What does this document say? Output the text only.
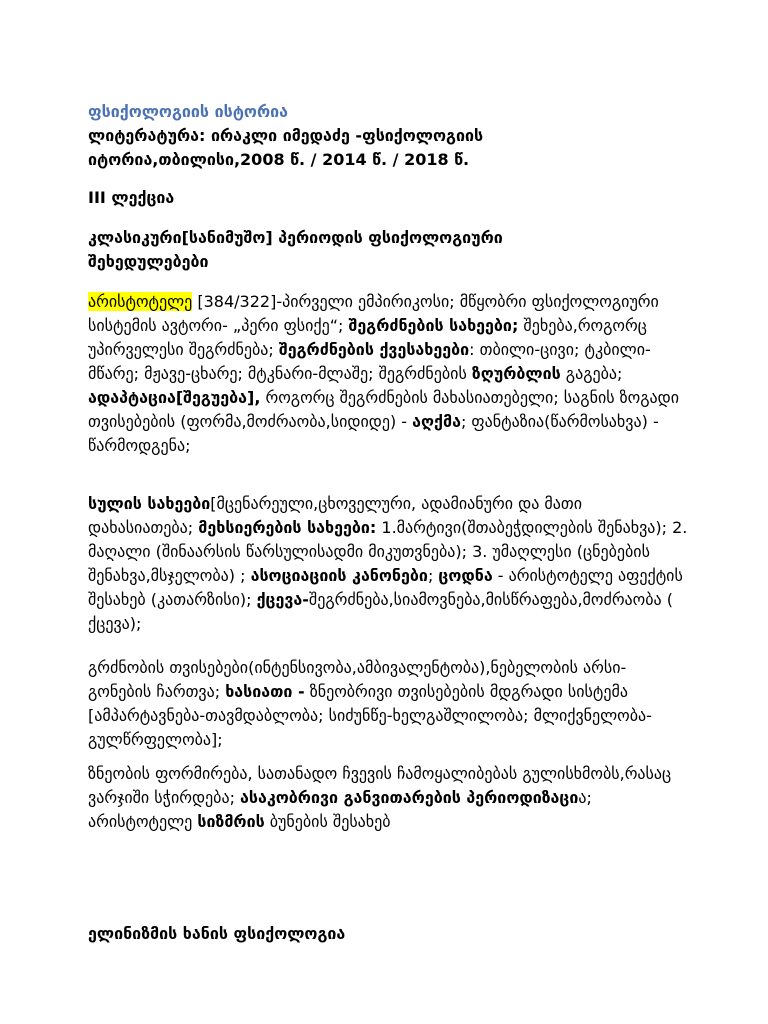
ფსიქოლოგიის ისტორია
ლიტერატურა: ირაკლი იმედაძე -ფსიქოლოგიის იტორია,თბილისი,2008 წ. / 2014 წ. / 2018 წ.
III ლექცია
კლასიკური[სანიმუშო] პერიოდის ფსიქოლოგიური შეხედულებები

არისტოტელე [384/322]-პირველი ემპირიკოსი; მწყობრი ფსიქოლოგიური სისტემის ავტორი- „პერი ფსიქე“; შეგრძნების სახეები; შეხება,როგორც უპირველესი შეგრძნება; შეგრძნების ქვესახეები: თბილი-ცივი; ტკბილი-მწარე; მჟავე-ცხარე; მტკნარი-მლაშე; შეგრძნების ზღურბლის გაგება; ადაპტაცია[შეგუება], როგორც შეგრძნების მახასიათებელი; საგნის ზოგადი თვისებების (ფორმა,მოძრაობა,სიდიდე) - აღქმა; ფანტაზია(წარმოსახვა) - წარმოდგენა;

სულის სახეები[მცენარეული,ცხოველური, ადამიანური და მათი დახასიათება; მეხსიერების სახეები: 1.მარტივი(შთაბეჭდილების შენახვა); 2. მაღალი (შინაარსის წარსულისადმი მიკუთვნება); 3. უმაღლესი (ცნებების შენახვა,მსჯელობა) ; ასოციაციის კანონები; ცოდნა - არისტოტელე აფექტის შესახებ (კათარზისი); ქცევა-შეგრძნება,სიამოვნება,მისწრაფება,მოძრაობა ( ქცევა);

გრძნობის თვისებები(ინტენსივობა,ამბივალენტობა),ნებელობის არსი-გონების ჩართვა; ხასიათი - ზნეობრივი თვისებების მდგრადი სისტემა [ამპარტავნება-თავმდაბლობა; სიძუნწე-ხელგაშლილობა; მლიქვნელობა-გულწრფელობა];

ზნეობის ფორმირება, სათანადო ჩვევის ჩამოყალიბებას გულისხმობს,რასაც ვარჯიში სჭირდება; ასაკობრივი განვითარების პერიოდიზაცია; არისტოტელე სიზმრის ბუნების შესახებ

ელინიზმის ხანის ფსიქოლოგია
